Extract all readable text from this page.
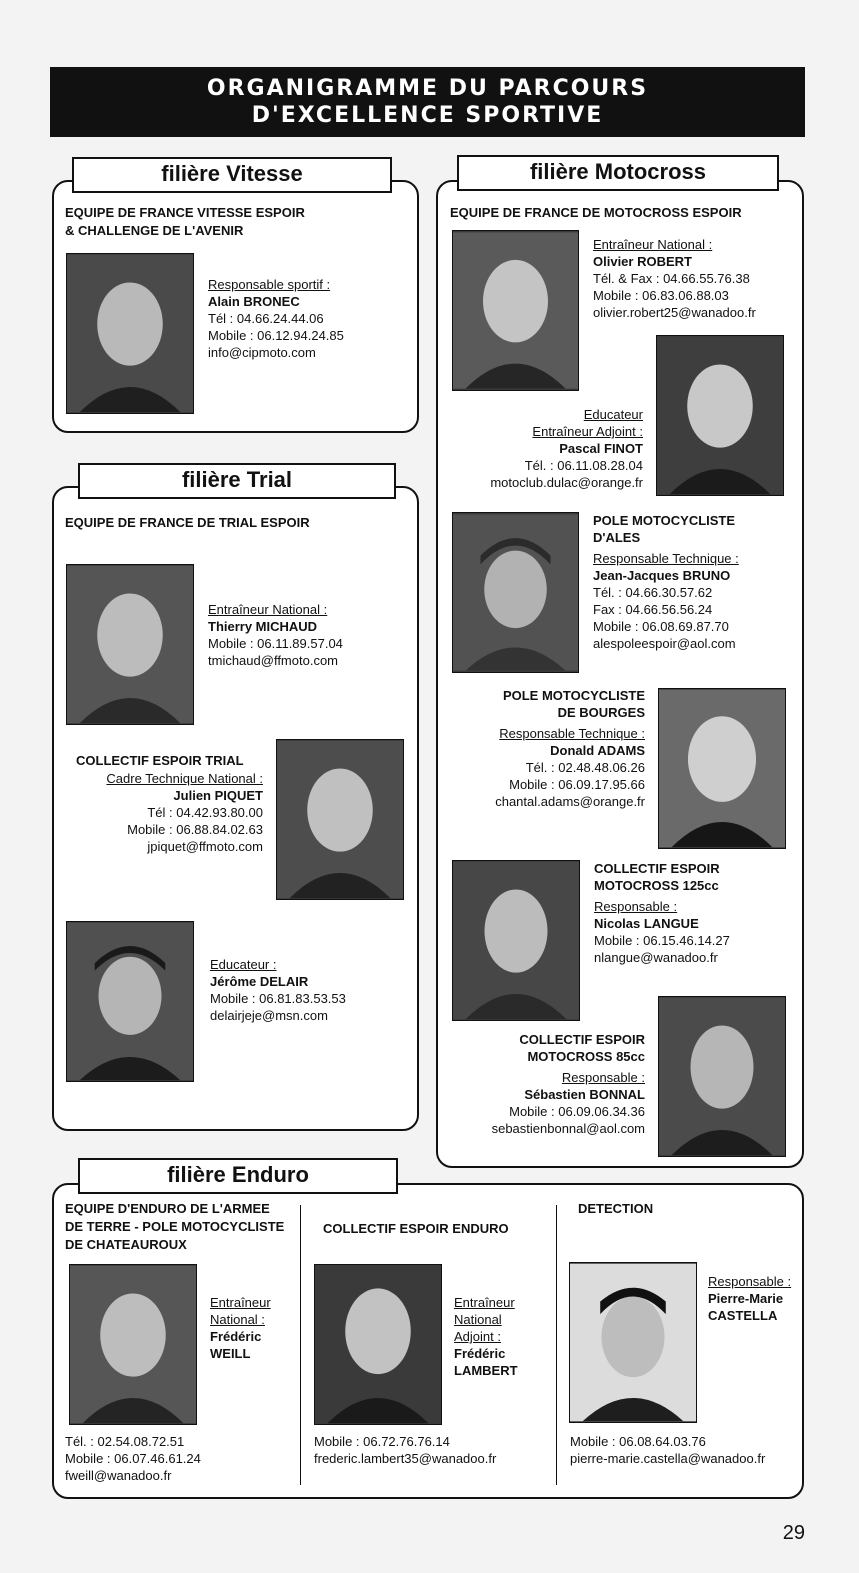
ORGANIGRAMME DU PARCOURS
D'EXCELLENCE SPORTIVE
filière Vitesse
EQUIPE DE FRANCE VITESSE ESPOIR
& CHALLENGE DE L'AVENIR
Responsable sportif :
Alain BRONEC
Tél : 04.66.24.44.06
Mobile : 06.12.94.24.85
info@cipmoto.com
filière Trial
EQUIPE DE FRANCE DE TRIAL ESPOIR
Entraîneur National :
Thierry MICHAUD
Mobile : 06.11.89.57.04
tmichaud@ffmoto.com
COLLECTIF ESPOIR TRIAL
Cadre Technique National :
Julien PIQUET
Tél : 04.42.93.80.00
Mobile : 06.88.84.02.63
jpiquet@ffmoto.com
Educateur :
Jérôme DELAIR
Mobile : 06.81.83.53.53
delairjeje@msn.com
filière Motocross
EQUIPE DE FRANCE DE MOTOCROSS ESPOIR
Entraîneur National :
Olivier ROBERT
Tél. & Fax : 04.66.55.76.38
Mobile : 06.83.06.88.03
olivier.robert25@wanadoo.fr
Educateur
Entraîneur Adjoint :
Pascal FINOT
Tél. : 06.11.08.28.04
motoclub.dulac@orange.fr
POLE MOTOCYCLISTE
D'ALES
Responsable Technique :
Jean-Jacques BRUNO
Tél. : 04.66.30.57.62
Fax : 04.66.56.56.24
Mobile : 06.08.69.87.70
alespoleespoir@aol.com
POLE MOTOCYCLISTE
DE BOURGES
Responsable Technique :
Donald ADAMS
Tél. : 02.48.48.06.26
Mobile : 06.09.17.95.66
chantal.adams@orange.fr
COLLECTIF ESPOIR
MOTOCROSS 125cc
Responsable :
Nicolas LANGUE
Mobile : 06.15.46.14.27
nlangue@wanadoo.fr
COLLECTIF ESPOIR
MOTOCROSS 85cc
Responsable :
Sébastien BONNAL
Mobile : 06.09.06.34.36
sebastienbonnal@aol.com
filière Enduro
EQUIPE D'ENDURO DE L'ARMEE
DE TERRE - POLE MOTOCYCLISTE
DE CHATEAUROUX
Entraîneur
National :
Frédéric
WEILL
Tél. : 02.54.08.72.51
Mobile : 06.07.46.61.24
fweill@wanadoo.fr
COLLECTIF ESPOIR ENDURO
Entraîneur
National
Adjoint :
Frédéric
LAMBERT
Mobile : 06.72.76.76.14
frederic.lambert35@wanadoo.fr
DETECTION
Responsable :
Pierre-Marie
CASTELLA
Mobile : 06.08.64.03.76
pierre-marie.castella@wanadoo.fr
29
